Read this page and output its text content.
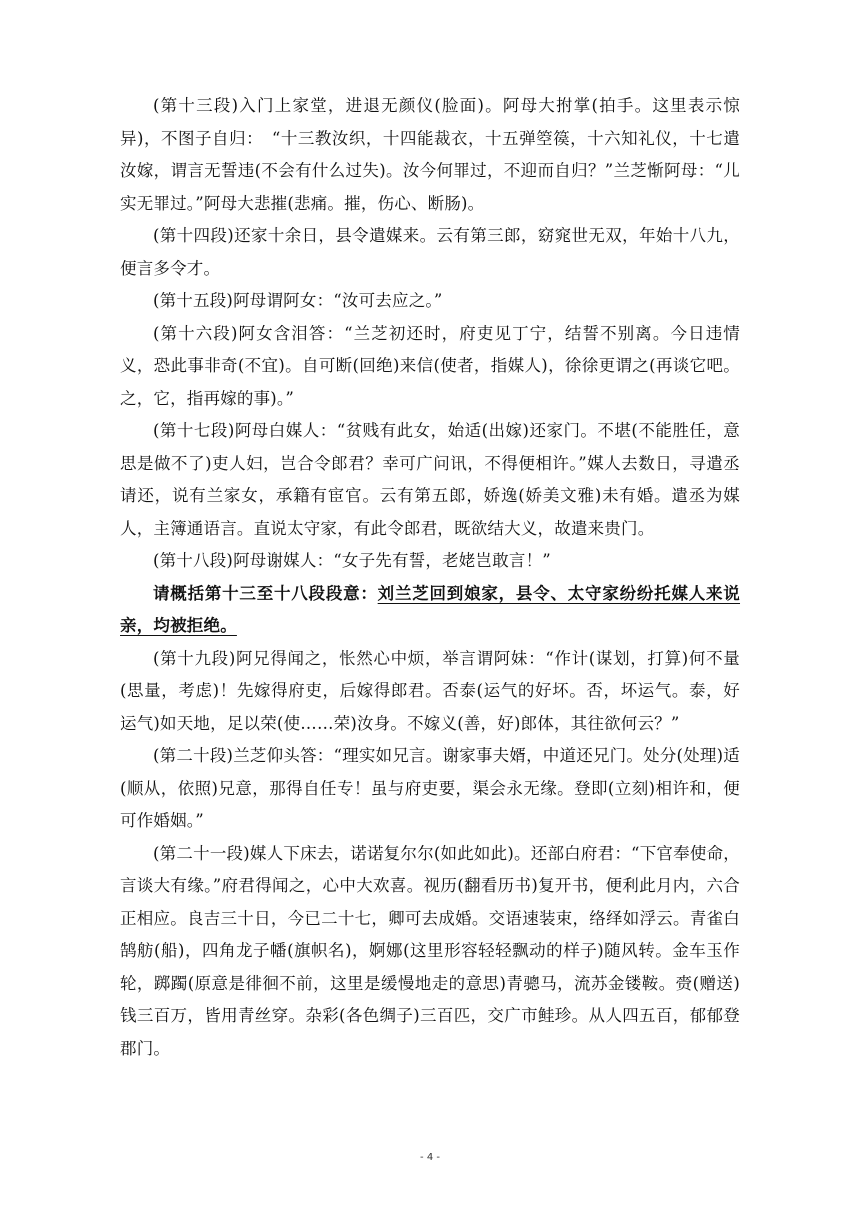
(第十三段)入门上家堂，进退无颜仪(脸面)。阿母大拊掌(拍手。这里表示惊异)，不图子自归：　“十三教汝织，十四能裁衣，十五弹箜篌，十六知礼仪，十七遣汝嫁，谓言无誓违(不会有什么过失)。汝今何罪过，不迎而自归？”兰芝惭阿母：“儿实无罪过。”阿母大悲摧(悲痛。摧，伤心、断肠)。

(第十四段)还家十余日，县令遣媒来。云有第三郎，窈窕世无双，年始十八九，便言多令才。

(第十五段)阿母谓阿女：“汝可去应之。”

(第十六段)阿女含泪答：“兰芝初还时，府吏见丁宁，结誓不别离。今日违情义，恐此事非奇(不宜)。自可断(回绝)来信(使者，指媒人)，徐徐更谓之(再谈它吧。之，它，指再嫁的事)。”

(第十七段)阿母白媒人：“贫贱有此女，始适(出嫁)还家门。不堪(不能胜任，意思是做不了)吏人妇，岂合令郎君？幸可广问讯，不得便相许。”媒人去数日，寻遣丞请还，说有兰家女，承籍有宦官。云有第五郎，娇逸(娇美文雅)未有婚。遣丞为媒人，主簿通语言。直说太守家，有此令郎君，既欲结大义，故遣来贵门。

(第十八段)阿母谢媒人：“女子先有誓，老姥岂敢言！”

请概括第十三至十八段段意：刘兰芝回到娘家，县令、太守家纷纷托媒人来说亲，均被拒绝。

(第十九段)阿兄得闻之，怅然心中烦，举言谓阿妹：“作计(谋划，打算)何不量(思量，考虑)！先嫁得府吏，后嫁得郎君。否泰(运气的好坏。否，坏运气。泰，好运气)如天地，足以荣(使……荣)汝身。不嫁义(善，好)郎体，其往欲何云？”

(第二十段)兰芝仰头答：“理实如兄言。谢家事夫婿，中道还兄门。处分(处理)适(顺从，依照)兄意，那得自任专！虽与府吏要，渠会永无缘。登即(立刻)相许和，便可作婚姻。”

(第二十一段)媒人下床去，诺诺复尔尔(如此如此)。还部白府君：“下官奉使命，言谈大有缘。”府君得闻之，心中大欢喜。视历(翻看历书)复开书，便利此月内，六合正相应。良吉三十日，今已二十七，卿可去成婚。交语速装束，络绎如浮云。青雀白鹄舫(船)，四角龙子幡(旗帜名)，婀娜(这里形容轻轻飘动的样子)随风转。金车玉作轮，踯躅(原意是徘徊不前，这里是缓慢地走的意思)青骢马，流苏金镂鞍。赍(赠送)钱三百万，皆用青丝穿。杂彩(各色绸子)三百匹，交广市鲑珍。从人四五百，郁郁登郡门。

- 4 -
